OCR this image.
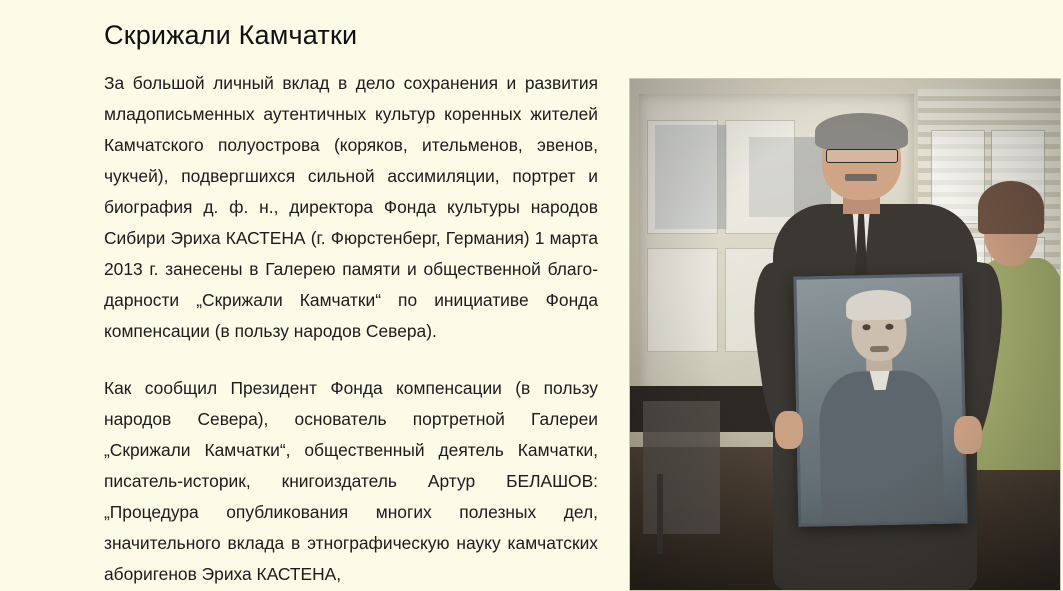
Скрижали Камчатки

За большой личный вклад в дело сохранения и развития младописьменных аутентичных культур коренных жителей Камчатского полуострова (коряков, ительменов, эвенов, чукчей), подвергшихся сильной ассимиляции, портрет и биография д. ф. н., директора Фонда культуры народов Сибири Эриха КАСТЕНА (г. Фюрстенберг, Германия) 1 марта 2013 г. занесены в Галерею памяти и общественной благодарности „Скрижали Камчатки“ по инициативе Фонда компенсации (в пользу народов Севера).

Как сообщил Президент Фонда компенсации (в пользу народов Севера), основатель портретной Галереи „Скрижали Камчатки“, общественный деятель Камчатки, писатель-историк, книгоиздатель Артур БЕЛАШОВ: „Процедура опубликования многих полезных дел, значительного вклада в этнографическую науку камчатских аборигенов Эриха КАСТЕНА,
